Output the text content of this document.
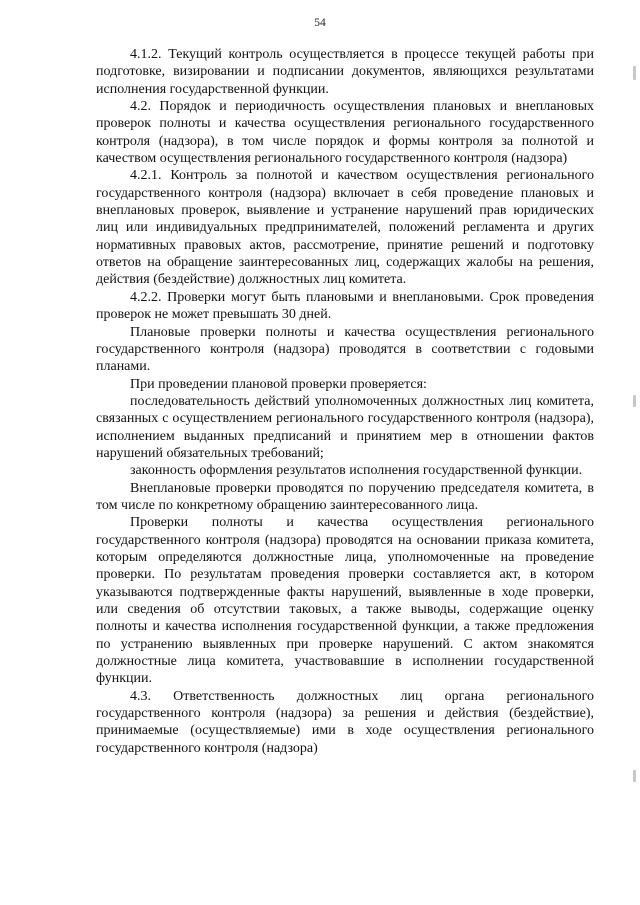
54

4.1.2. Текущий контроль осуществляется в процессе текущей работы при подготовке, визировании и подписании документов, являющихся результатами исполнения государственной функции.

4.2. Порядок и периодичность осуществления плановых и внеплановых проверок полноты и качества осуществления регионального государственного контроля (надзора), в том числе порядок и формы контроля за полнотой и качеством осуществления регионального государственного контроля (надзора)

4.2.1. Контроль за полнотой и качеством осуществления регионального государственного контроля (надзора) включает в себя проведение плановых и внеплановых проверок, выявление и устранение нарушений прав юридических лиц или индивидуальных предпринимателей, положений регламента и других нормативных правовых актов, рассмотрение, принятие решений и подготовку ответов на обращение заинтересованных лиц, содержащих жалобы на решения, действия (бездействие) должностных лиц комитета.

4.2.2. Проверки могут быть плановыми и внеплановыми. Срок проведения проверок не может превышать 30 дней.

Плановые проверки полноты и качества осуществления регионального государственного контроля (надзора) проводятся в соответствии с годовыми планами.

При проведении плановой проверки проверяется:

последовательность действий уполномоченных должностных лиц комитета, связанных с осуществлением регионального государственного контроля (надзора), исполнением выданных предписаний и принятием мер в отношении фактов нарушений обязательных требований;

законность оформления результатов исполнения государственной функции.

Внеплановые проверки проводятся по поручению председателя комитета, в том числе по конкретному обращению заинтересованного лица.

Проверки полноты и качества осуществления регионального государственного контроля (надзора) проводятся на основании приказа комитета, которым определяются должностные лица, уполномоченные на проведение проверки. По результатам проведения проверки составляется акт, в котором указываются подтвержденные факты нарушений, выявленные в ходе проверки, или сведения об отсутствии таковых, а также выводы, содержащие оценку полноты и качества исполнения государственной функции, а также предложения по устранению выявленных при проверке нарушений. С актом знакомятся должностные лица комитета, участвовавшие в исполнении государственной функции.

4.3. Ответственность должностных лиц органа регионального государственного контроля (надзора) за решения и действия (бездействие), принимаемые (осуществляемые) ими в ходе осуществления регионального государственного контроля (надзора)
